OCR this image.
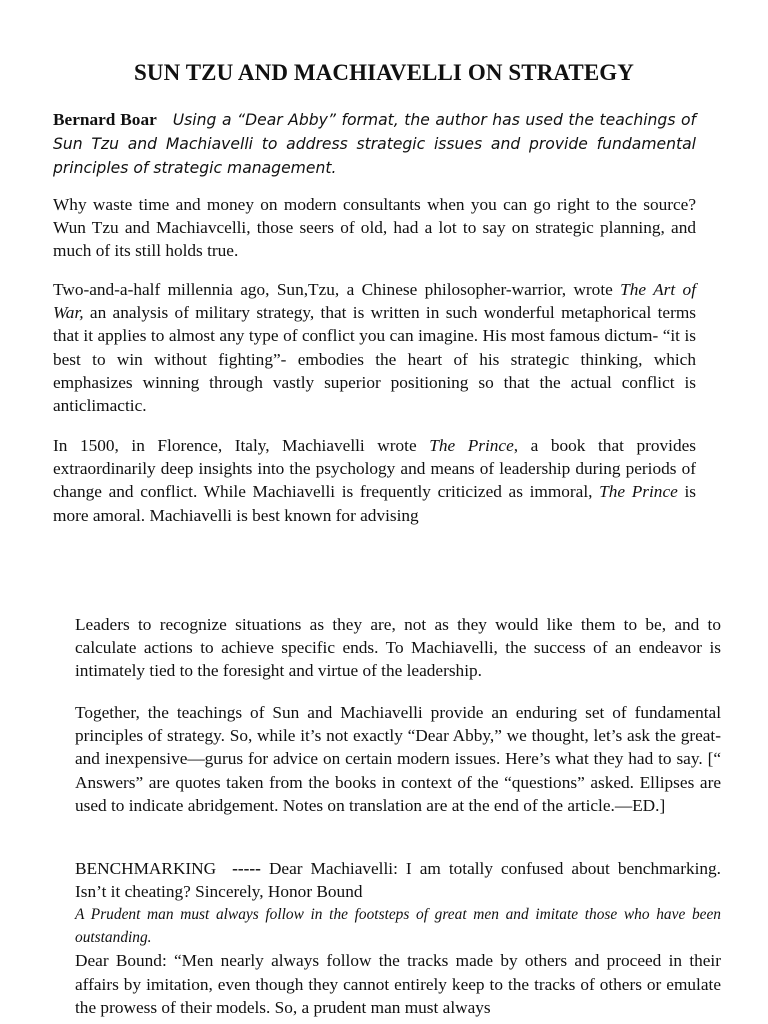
SUN TZU AND MACHIAVELLI ON STRATEGY

Bernard Boar Using a “Dear Abby” format, the author has used the teachings of Sun Tzu and Machiavelli to address strategic issues and provide fundamental principles of strategic management.

Why waste time and money on modern consultants when you can go right to the source? Wun Tzu and Machiavcelli, those seers of old, had a lot to say on strategic planning, and much of its still holds true.

Two-and-a-half millennia ago, Sun,Tzu, a Chinese philosopher-warrior, wrote The Art of War, an analysis of military strategy, that is written in such wonderful metaphorical terms that it applies to almost any type of conflict you can imagine. His most famous dictum- “it is best to win without fighting”- embodies the heart of his strategic thinking, which emphasizes winning through vastly superior positioning so that the actual conflict is anticlimactic.

In 1500, in Florence, Italy, Machiavelli wrote The Prince, a book that provides extraordinarily deep insights into the psychology and means of leadership during periods of change and conflict. While Machiavelli is frequently criticized as immoral, The Prince is more amoral. Machiavelli is best known for advising

Leaders to recognize situations as they are, not as they would like them to be, and to calculate actions to achieve specific ends. To Machiavelli, the success of an endeavor is intimately tied to the foresight and virtue of the leadership.

Together, the teachings of Sun and Machiavelli provide an enduring set of fundamental principles of strategy. So, while it’s not exactly “Dear Abby,” we thought, let’s ask the great-and inexpensive—gurus for advice on certain modern issues. Here’s what they had to say. [“ Answers” are quotes taken from the books in context of the “questions” asked. Ellipses are used to indicate abridgement. Notes on translation are at the end of the article.—ED.]

BENCHMARKING ----- Dear Machiavelli: I am totally confused about benchmarking. Isn’t it cheating? Sincerely, Honor Bound

A Prudent man must always follow in the footsteps of great men and imitate those who have been outstanding.

Dear Bound: “Men nearly always follow the tracks made by others and proceed in their affairs by imitation, even though they cannot entirely keep to the tracks of others or emulate the prowess of their models. So, a prudent man must always
